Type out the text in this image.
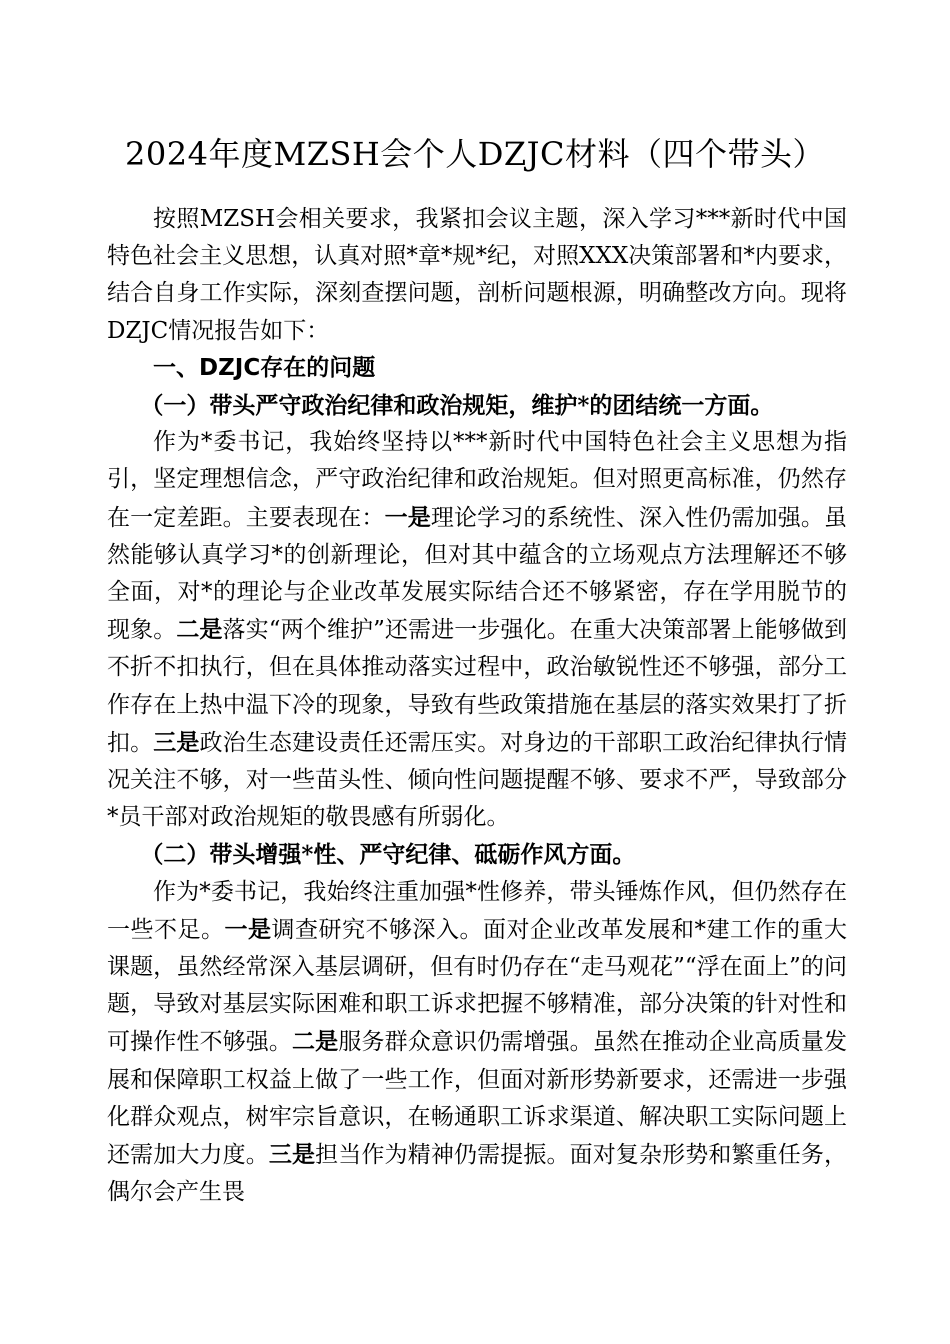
2024年度MZSH会个人DZJC材料（四个带头）

按照MZSH会相关要求，我紧扣会议主题，深入学习***新时代中国特色社会主义思想，认真对照*章*规*纪，对照XXX决策部署和*内要求，结合自身工作实际，深刻查摆问题，剖析问题根源，明确整改方向。现将DZJC情况报告如下：

一、DZJC存在的问题

（一）带头严守政治纪律和政治规矩，维护*的团结统一方面。

作为*委书记，我始终坚持以***新时代中国特色社会主义思想为指引，坚定理想信念，严守政治纪律和政治规矩。但对照更高标准，仍然存在一定差距。主要表现在：一是理论学习的系统性、深入性仍需加强。虽然能够认真学习*的创新理论，但对其中蕴含的立场观点方法理解还不够全面，对*的理论与企业改革发展实际结合还不够紧密，存在学用脱节的现象。二是落实“两个维护”还需进一步强化。在重大决策部署上能够做到不折不扣执行，但在具体推动落实过程中，政治敏锐性还不够强，部分工作存在上热中温下冷的现象，导致有些政策措施在基层的落实效果打了折扣。三是政治生态建设责任还需压实。对身边的干部职工政治纪律执行情况关注不够，对一些苗头性、倾向性问题提醒不够、要求不严，导致部分*员干部对政治规矩的敬畏感有所弱化。

（二）带头增强*性、严守纪律、砥砺作风方面。

作为*委书记，我始终注重加强*性修养，带头锤炼作风，但仍然存在一些不足。一是调查研究不够深入。面对企业改革发展和*建工作的重大课题，虽然经常深入基层调研，但有时仍存在“走马观花”“浮在面上”的问题，导致对基层实际困难和职工诉求把握不够精准，部分决策的针对性和可操作性不够强。二是服务群众意识仍需增强。虽然在推动企业高质量发展和保障职工权益上做了一些工作，但面对新形势新要求，还需进一步强化群众观点，树牢宗旨意识，在畅通职工诉求渠道、解决职工实际问题上还需加大力度。三是担当作为精神仍需提振。面对复杂形势和繁重任务，偶尔会产生畏
